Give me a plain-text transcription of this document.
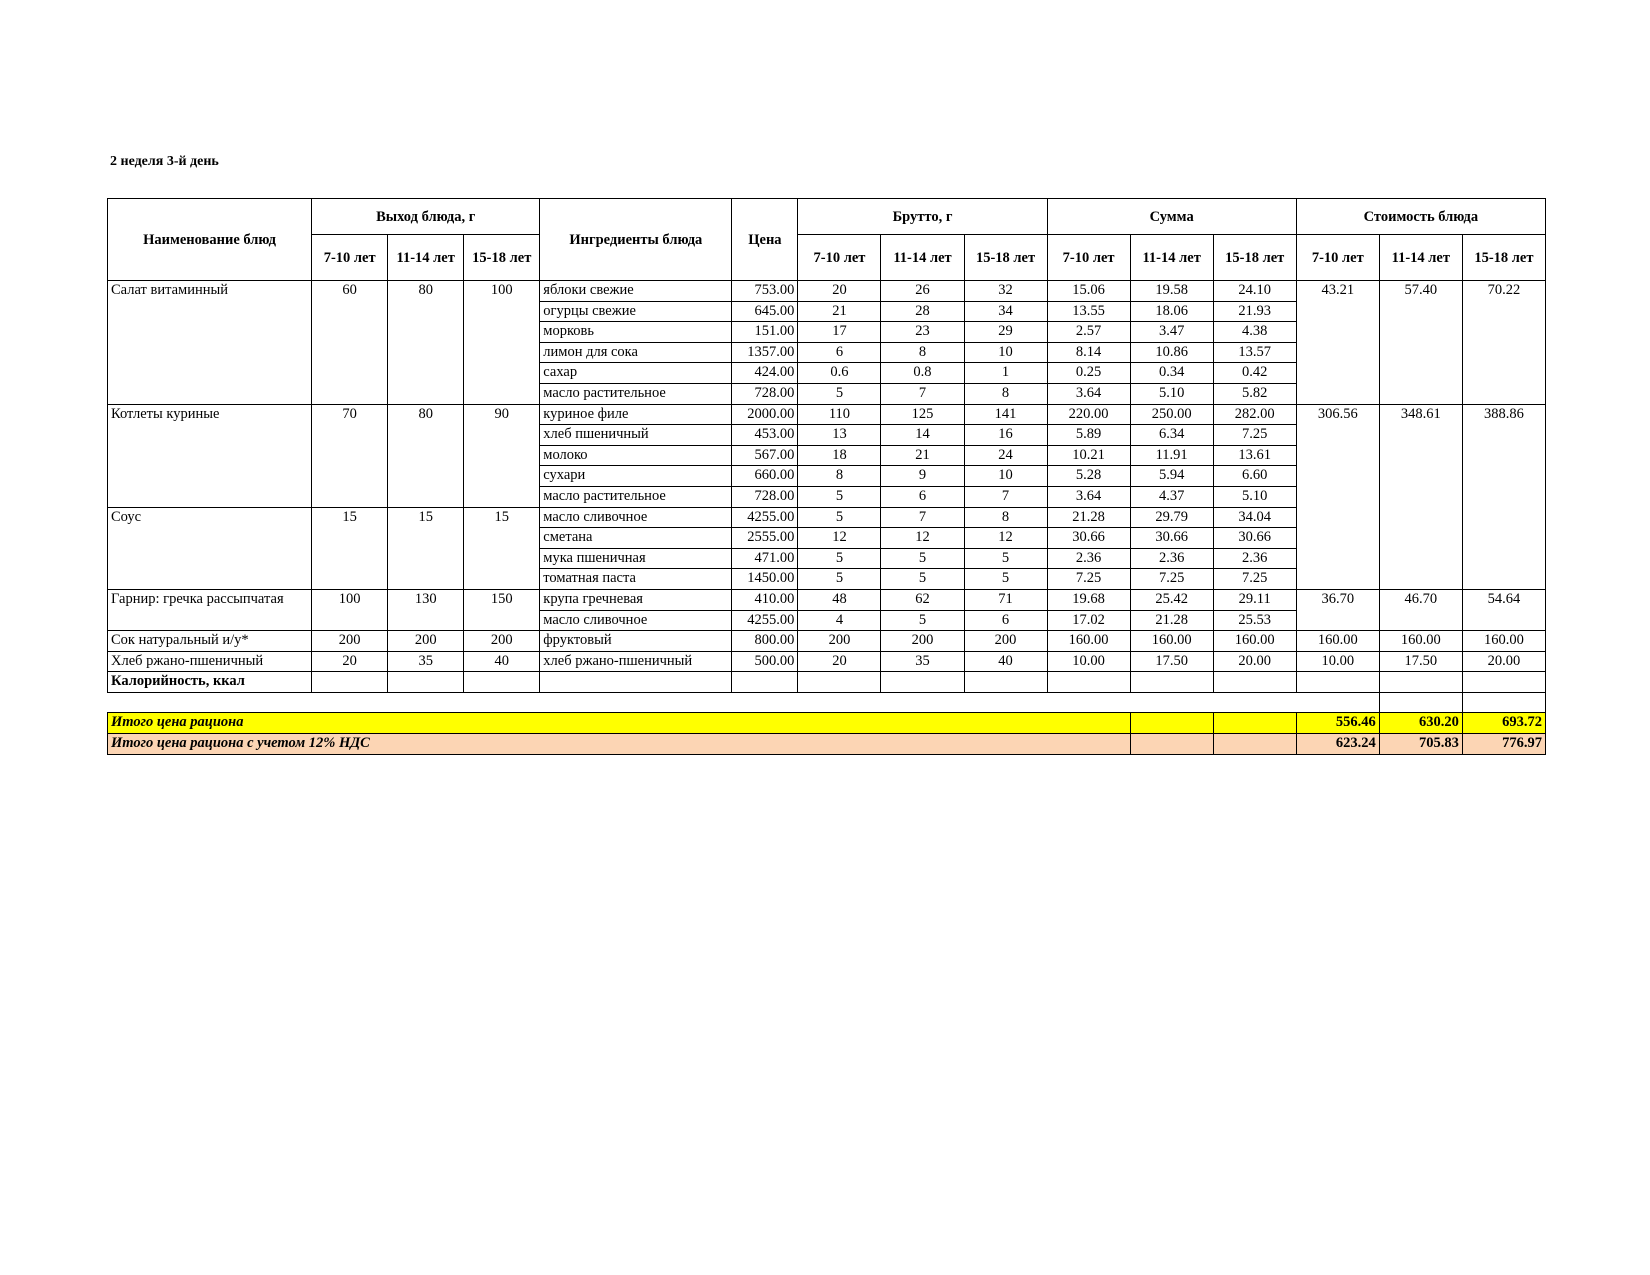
2 неделя 3-й день
Наименование блюд	Выход блюда, г			Ингредиенты блюда	Цена	Брутто, г			Сумма			Стоимость блюда		
	7-10 лет	11-14 лет	15-18 лет			7-10 лет	11-14 лет	15-18 лет	7-10 лет	11-14 лет	15-18 лет	7-10 лет	11-14 лет	15-18 лет
Салат витаминный	60	80	100	яблоки свежие	753.00	20	26	32	15.06	19.58	24.10	43.21	57.40	70.22
				огурцы свежие	645.00	21	28	34	13.55	18.06	21.93			
				морковь	151.00	17	23	29	2.57	3.47	4.38			
				лимон для сока	1357.00	6	8	10	8.14	10.86	13.57			
				сахар	424.00	0.6	0.8	1	0.25	0.34	0.42			
				масло растительное	728.00	5	7	8	3.64	5.10	5.82			
Котлеты куриные	70	80	90	куриное филе	2000.00	110	125	141	220.00	250.00	282.00	306.56	348.61	388.86
				хлеб пшеничный	453.00	13	14	16	5.89	6.34	7.25			
				молоко	567.00	18	21	24	10.21	11.91	13.61			
				сухари	660.00	8	9	10	5.28	5.94	6.60			
				масло растительное	728.00	5	6	7	3.64	4.37	5.10			
Соус	15	15	15	масло сливочное	4255.00	5	7	8	21.28	29.79	34.04			
				сметана	2555.00	12	12	12	30.66	30.66	30.66			
				мука пшеничная	471.00	5	5	5	2.36	2.36	2.36			
				томатная паста	1450.00	5	5	5	7.25	7.25	7.25			
Гарнир: гречка рассыпчатая	100	130	150	крупа гречневая	410.00	48	62	71	19.68	25.42	29.11	36.70	46.70	54.64
				масло сливочное	4255.00	4	5	6	17.02	21.28	25.53			
Сок натуральный и/у*	200	200	200	фруктовый	800.00	200	200	200	160.00	160.00	160.00	160.00	160.00	160.00
Хлеб ржано-пшеничный	20	35	40	хлеб ржано-пшеничный	500.00	20	35	40	10.00	17.50	20.00	10.00	17.50	20.00
Калорийность, ккал														

Итого цена рациона												556.46	630.20	693.72
Итого цена рациона с учетом 12% НДС												623.24	705.83	776.97
